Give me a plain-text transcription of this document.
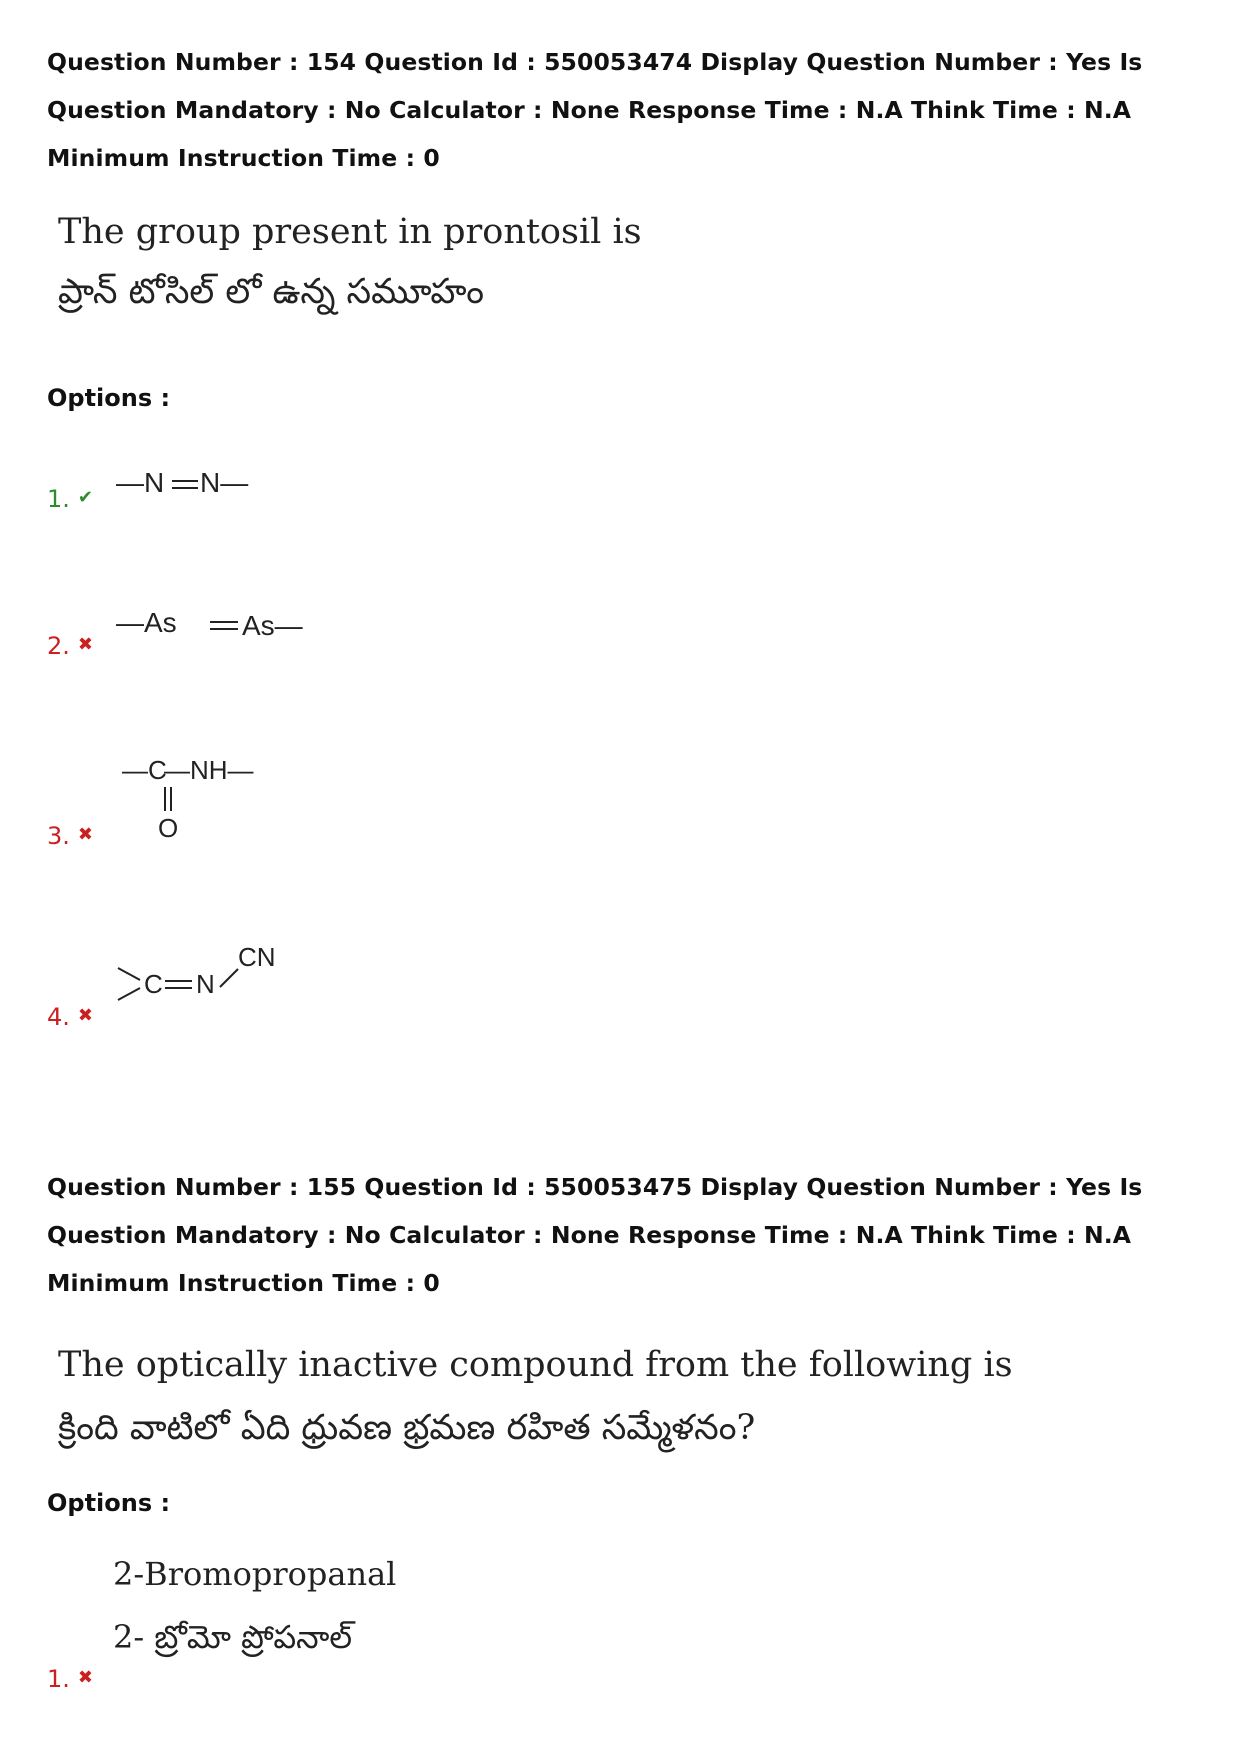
Question Number : 154 Question Id : 550053474 Display Question Number : Yes Is Question Mandatory : No Calculator : None Response Time : N.A Think Time : N.A Minimum Instruction Time : 0
The group present in prontosil is
ప్రాన్ టోసిల్ లో ఉన్న సమూహం
Options :
1. ✔ —N N—
2. ✖
—As As—
3. ✖
—C
—NH—
O
4. ✖
C N
CN
Question Number : 155 Question Id : 550053475 Display Question Number : Yes Is Question Mandatory : No Calculator : None Response Time : N.A Think Time : N.A Minimum Instruction Time : 0
The optically inactive compound from the following is
క్రింది వాటిలో ఏది ధ్రువణ భ్రమణ రహిత సమ్మేళనం?
Options :
2-Bromopropanal
2- బ్రోమో ప్రోపనాల్
1. ✖
